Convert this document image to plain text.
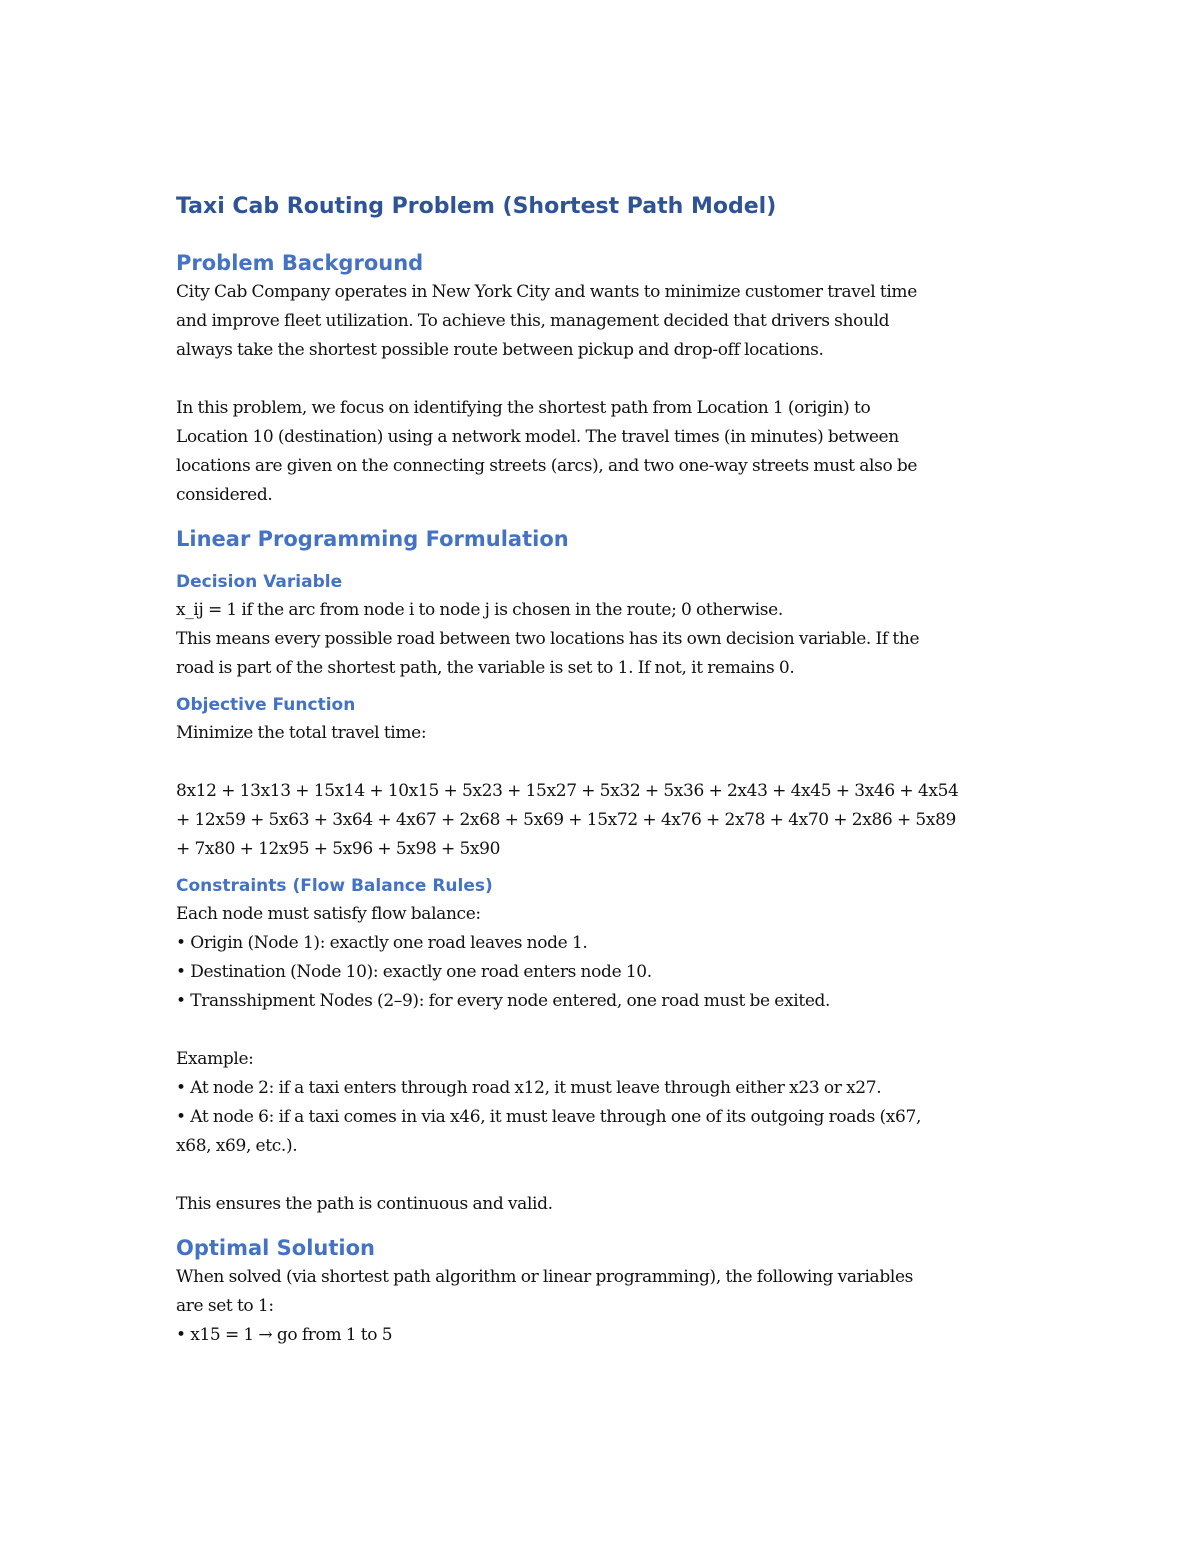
Taxi Cab Routing Problem (Shortest Path Model)
Problem Background

City Cab Company operates in New York City and wants to minimize customer travel time
and improve fleet utilization. To achieve this, management decided that drivers should
always take the shortest possible route between pickup and drop-off locations.

In this problem, we focus on identifying the shortest path from Location 1 (origin) to
Location 10 (destination) using a network model. The travel times (in minutes) between
locations are given on the connecting streets (arcs), and two one-way streets must also be
considered.

Linear Programming Formulation
Decision Variable

x_ij = 1 if the arc from node i to node j is chosen in the route; 0 otherwise.
This means every possible road between two locations has its own decision variable. If the
road is part of the shortest path, the variable is set to 1. If not, it remains 0.

Objective Function

Minimize the total travel time:

8x12 + 13x13 + 15x14 + 10x15 + 5x23 + 15x27 + 5x32 + 5x36 + 2x43 + 4x45 + 3x46 + 4x54
+ 12x59 + 5x63 + 3x64 + 4x67 + 2x68 + 5x69 + 15x72 + 4x76 + 2x78 + 4x70 + 2x86 + 5x89
+ 7x80 + 12x95 + 5x96 + 5x98 + 5x90

Constraints (Flow Balance Rules)

Each node must satisfy flow balance:
• Origin (Node 1): exactly one road leaves node 1.
• Destination (Node 10): exactly one road enters node 10.
• Transshipment Nodes (2–9): for every node entered, one road must be exited.

Example:
• At node 2: if a taxi enters through road x12, it must leave through either x23 or x27.
• At node 6: if a taxi comes in via x46, it must leave through one of its outgoing roads (x67,
x68, x69, etc.).

This ensures the path is continuous and valid.

Optimal Solution

When solved (via shortest path algorithm or linear programming), the following variables
are set to 1:
• x15 = 1 → go from 1 to 5
